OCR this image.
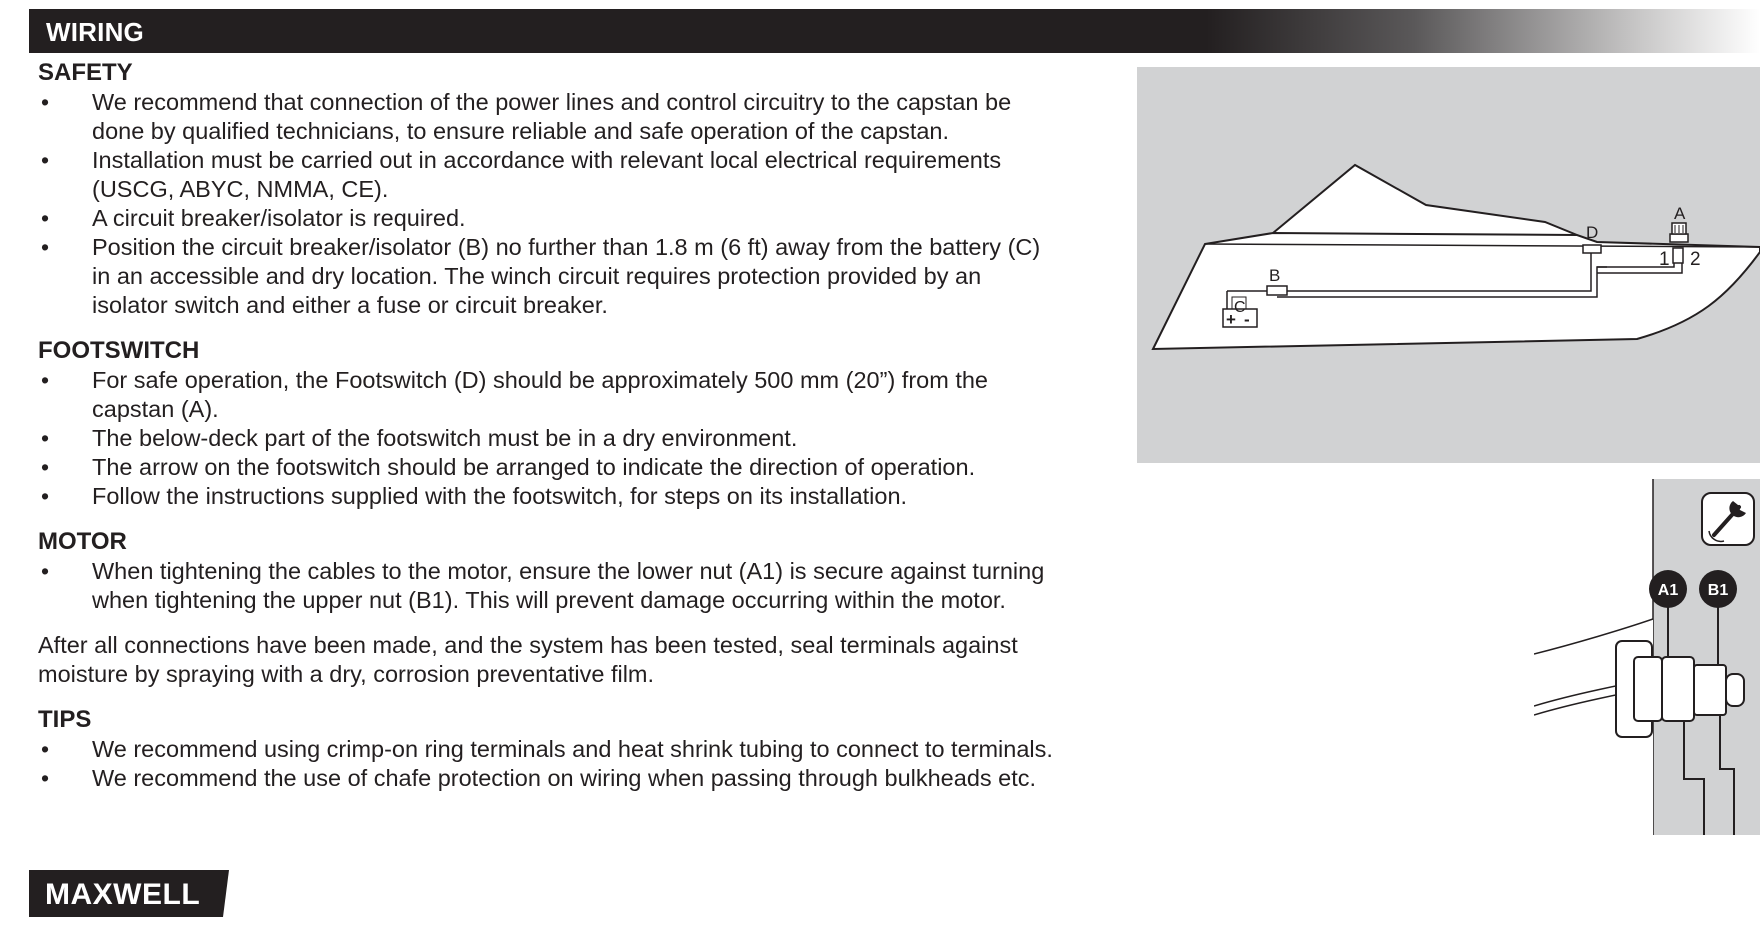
WIRING
SAFETY
• We recommend that connection of the power lines and control circuitry to the capstan be done by qualified technicians, to ensure reliable and safe operation of the capstan.
• Installation must be carried out in accordance with relevant local electrical requirements (USCG, ABYC, NMMA, CE).
• A circuit breaker/isolator is required.
• Position the circuit breaker/isolator (B) no further than 1.8 m (6 ft) away from the battery (C) in an accessible and dry location. The winch circuit requires protection provided by an isolator switch and either a fuse or circuit breaker.
FOOTSWITCH
• For safe operation, the Footswitch (D) should be approximately 500 mm (20”) from the capstan (A).
• The below-deck part of the footswitch must be in a dry environment.
• The arrow on the footswitch should be arranged to indicate the direction of operation.
• Follow the instructions supplied with the footswitch, for steps on its installation.
MOTOR
• When tightening the cables to the motor, ensure the lower nut (A1) is secure against turning when tightening the upper nut (B1). This will prevent damage occurring within the motor.

After all connections have been made, and the system has been tested, seal terminals against moisture by spraying with a dry, corrosion preventative film.

TIPS
• We recommend using crimp-on ring terminals and heat shrink tubing to connect to terminals.
• We recommend the use of chafe protection on wiring when passing through bulkheads etc.
A
B
C
D
1 2
+ -
A1 B1
MAXWELL
